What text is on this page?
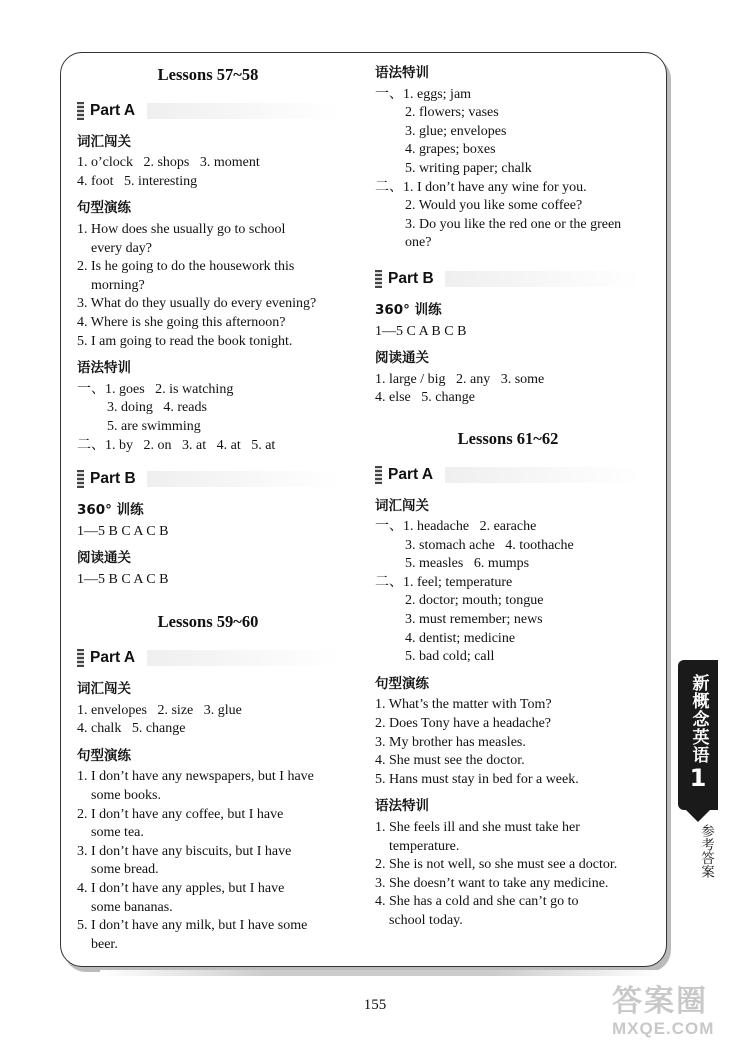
Lessons 57~58
Part A
词汇闯关
1. o’clock   2. shops   3. moment
4. foot   5. interesting
句型演练
1. How does she usually go to school
every day?
2. Is he going to do the housework this
morning?
3. What do they usually do every evening?
4. Where is she going this afternoon?
5. I am going to read the book tonight.
语法特训
一、1. goes   2. is watching
3. doing   4. reads
5. are swimming
二、1. by   2. on   3. at   4. at   5. at
Part B
360° 训练
1—5 B C A C B
阅读通关
1—5 B C A C B
Lessons 59~60
Part A
词汇闯关
1. envelopes   2. size   3. glue
4. chalk   5. change
句型演练
1. I don’t have any newspapers, but I have
some books.
2. I don’t have any coffee, but I have
some tea.
3. I don’t have any biscuits, but I have
some bread.
4. I don’t have any apples, but I have
some bananas.
5. I don’t have any milk, but I have some
beer.
语法特训
一、1. eggs; jam
2. flowers; vases
3. glue; envelopes
4. grapes; boxes
5. writing paper; chalk
二、1. I don’t have any wine for you.
2. Would you like some coffee?
3. Do you like the red one or the green
one?
Part B
360° 训练
1—5 C A B C B
阅读通关
1. large / big   2. any   3. some
4. else   5. change
Lessons 61~62
Part A
词汇闯关
一、1. headache   2. earache
3. stomach ache   4. toothache
5. measles   6. mumps
二、1. feel; temperature
2. doctor; mouth; tongue
3. must remember; news
4. dentist; medicine
5. bad cold; call
句型演练
1. What’s the matter with Tom?
2. Does Tony have a headache?
3. My brother has measles.
4. She must see the doctor.
5. Hans must stay in bed for a week.
语法特训
1. She feels ill and she must take her
temperature.
2. She is not well, so she must see a doctor.
3. She doesn’t want to take any medicine.
4. She has a cold and she can’t go to
school today.
新概念英语
1
参考答案
155	答案圈
MXQE.COM
